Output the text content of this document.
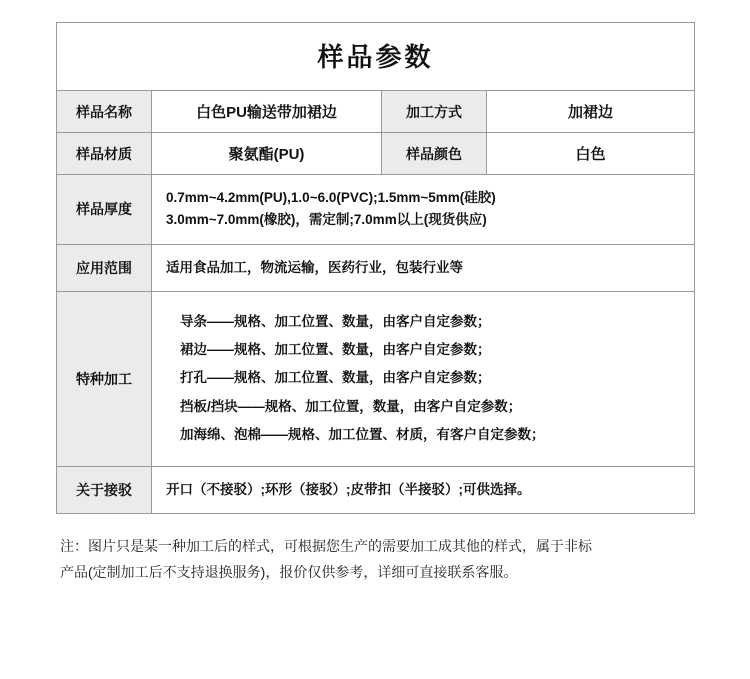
样品参数			
样品名称	白色PU输送带加裙边	加工方式	加裙边
样品材质	聚氨酯(PU)	样品颜色	白色
样品厚度	0.7mm~4.2mm(PU),1.0~6.0(PVC);1.5mm~5mm(硅胶)
3.0mm~7.0mm(橡胶)，需定制;7.0mm以上(现货供应)		

应用范围	适用食品加工，物流运输，医药行业，包装行业等		
特种加工	导条——规格、加工位置、数量，由客户自定参数；
裙边——规格、加工位置、数量，由客户自定参数；
打孔——规格、加工位置、数量，由客户自定参数；
挡板/挡块——规格、加工位置，数量，由客户自定参数；
加海绵、泡棉——规格、加工位置、材质，有客户自定参数；		

关于接驳	开口（不接驳）;环形（接驳）;皮带扣（半接驳）;可供选择。		
注：图片只是某一种加工后的样式，可根据您生产的需要加工成其他的样式，属于非标
产品(定制加工后不支持退换服务)，报价仅供参考，详细可直接联系客服。
